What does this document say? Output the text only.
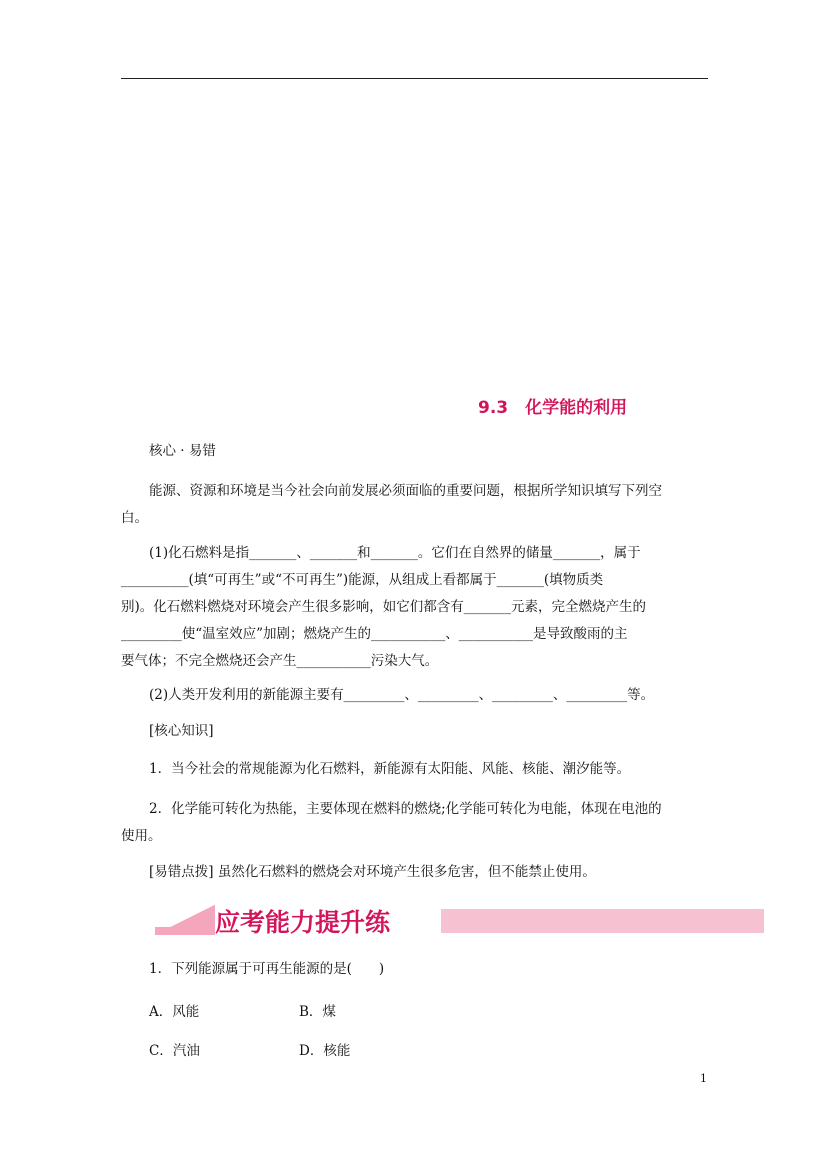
9.3　化学能的利用
核心 · 易错
能源、资源和环境是当今社会向前发展必须面临的重要问题，根据所学知识填写下列空
白。
(1)化石燃料是指_______、_______和_______。它们在自然界的储量_______，属于
__________(填“可再生”或“不可再生”)能源，从组成上看都属于_______(填物质类
别)。化石燃料燃烧对环境会产生很多影响，如它们都含有_______元素，完全燃烧产生的
_________使“温室效应”加剧；燃烧产生的___________、___________是导致酸雨的主
要气体；不完全燃烧还会产生___________污染大气。
(2)人类开发利用的新能源主要有_________、_________、_________、_________等。
[核心知识]
1．当今社会的常规能源为化石燃料，新能源有太阳能、风能、核能、潮汐能等。
2．化学能可转化为热能，主要体现在燃料的燃烧;化学能可转化为电能，体现在电池的
使用。
[易错点拨] 虽然化石燃料的燃烧会对环境产生很多危害，但不能禁止使用。
应考能力提升练
1．下列能源属于可再生能源的是(　　)
A．风能	B．煤
C．汽油	D．核能
1
